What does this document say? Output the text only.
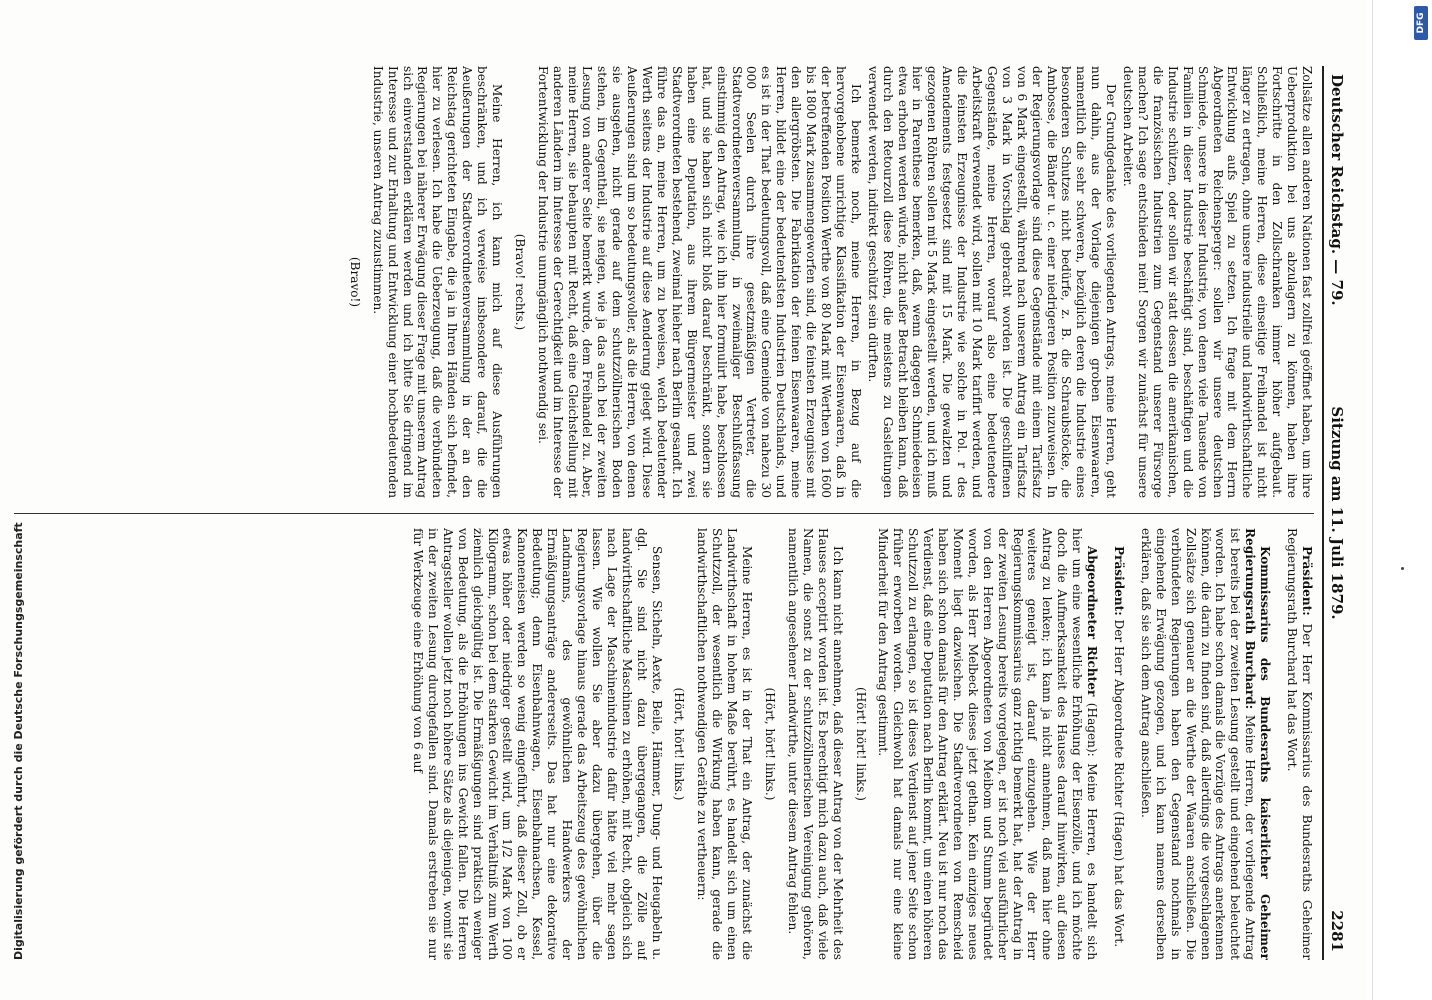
Deutscher Reichstag. — 79.
Sitzung am 11. Juli 1879.
2281

Zollsätze allen anderen Nationen fast zollfrei geöffnet haben, um ihre Ueberproduktion bei uns abzulagern zu können, haben ihre Fortschritte in den Zollschranken immer höher aufgebaut. Schließlich, meine Herren, diese einseitige Freihandel ist nicht länger zu ertragen, ohne unsere industrielle und landwirthschaftliche Entwicklung aufs Spiel zu setzen. Ich frage mit dem Herrn Abgeordneten Reichensperger: sollen wir unsere deutschen Schmiede, unsere in dieser Industrie, von denen viele Tausende von Familien in dieser Industrie beschäftigt sind, beschäftigen und die Industrie schützen, oder sollen wir statt dessen die amerikanischen, die französischen Industrien zum Gegenstand unserer Fürsorge machen? Ich sage entschieden nein! Sorgen wir zunächst für unsere deutschen Arbeiter.

Der Grundgedanke des vorliegenden Antrags, meine Herren, geht nun dahin, aus der Vorlage diejenigen groben Eisenwaaren, namentlich die sehr schweren, bezüglich deren die Industrie eines besonderen Schutzes nicht bedürfe, z. B. die Schraubstöcke, die Ambosse, die Bänder u. c. einer niedrigeren Position zuzuweisen. In der Regierungsvorlage sind diese Gegenstände mit einem Tarifsatz von 6 Mark eingestellt, während nach unserem Antrag ein Tarifsatz von 3 Mark in Vorschlag gebracht worden ist. Die geschliffenen Gegenstände, meine Herren, worauf also eine bedeutendere Arbeitskraft verwendet wird, sollen mit 10 Mark tarifirt werden, und die feinsten Erzeugnisse der Industrie wie solche in Pol. r des Amendements festgesetzt sind mit 15 Mark. Die gewalzten und gezogenen Röhren sollen mit 5 Mark eingestellt werden, und ich muß hier in Parenthese bemerken, daß, wenn dagegen Schmiedeeisen etwa erhoben werden würde, nicht außer Betracht bleiben kann, daß durch den Retourzoll diese Röhren, die meistens zu Gasleitungen verwendet werden, indirekt geschützt sein dürften.

Ich bemerke noch, meine Herren, in Bezug auf die hervorgehobene unrichtige Klassifikation der Eisenwaaren, daß in der betreffenden Position Werthe von 80 Mark mit Werthen von 1600 bis 1800 Mark zusammengeworfen sind, die feinsten Erzeugnisse mit den allergröbsten. Die Fabrikation der feinen Eisenwaaren, meine Herren, bildet eine der bedeutendsten Industrien Deutschlands, und es ist in der That bedeutungsvoll, daß eine Gemeinde von nahezu 30 000 Seelen durch ihre gesetzmäßigen Vertreter, die Stadtverordnetenversammlung, in zweimaliger Beschlußfassung einstimmig den Antrag, wie ich ihn hier formulirt habe, beschlossen hat, und sie haben sich nicht bloß darauf beschränkt, sondern sie haben eine Deputation, aus ihrem Bürgermeister und zwei Stadtverordneten bestehend, zweimal hieher nach Berlin gesandt. Ich führe das an, meine Herren, um zu beweisen, welch bedeutender Werth seitens der Industrie auf diese Aenderung gelegt wird. Diese Aeußerungen sind um so bedeutungsvoller, als die Herren, von denen sie ausgehen, nicht gerade auf dem schutzzöllnerischen Boden stehen, im Gegentheil, sie neigen, wie ja das auch bei der zweiten Lesung von anderer Seite bemerkt wurde, dem Freihandel zu. Aber, meine Herren, sie behaupten mit Recht, daß eine Gleichstellung mit anderen Ländern im Interesse der Gerechtigkeit und im Interesse der Fortentwicklung der Industrie unumgänglich nothwendig sei.

(Bravo! rechts.)

Meine Herren, ich kann mich auf diese Ausführungen beschränken, und ich verweise insbesondere darauf, die die Aeußerungen der Stadtverordnetenversammlung in der an den Reichstag gerichteten Eingabe, die ja in Ihren Händen sich befindet, hier zu verlesen. Ich habe die Ueberzeugung, daß die verbündeten Regierungen bei näherer Erwägung dieser Frage mit unserem Antrag sich einverstanden erklären werden und ich bitte Sie dringend im Interesse und zur Erhaltung und Entwicklung einer hochbedeutenden Industrie, unseren Antrag zuzustimmen.

(Bravo!)

Präsident: Der Herr Kommissarius des Bundesraths Geheimer Regierungsrath Burchard hat das Wort.

Kommissarius des Bundesraths kaiserlicher Geheimer Regierungsrath Burchard: Meine Herren, der vorliegende Antrag ist bereits bei der zweiten Lesung gestellt und eingehend beleuchtet worden. Ich habe schon damals die Vorzüge des Antrags anerkennen können, die darin zu finden sind, daß allerdings die vorgeschlagenen Zollsätze sich genauer an die Werthe der Waaren anschließen. Die verbündeten Regierungen haben den Gegenstand nochmals in eingehende Erwägung gezogen, und ich kann namens derselben erklären, daß sie sich dem Antrag anschließen.

Präsident: Der Herr Abgeordnete Richter (Hagen) hat das Wort.

Abgeordneter Richter (Hagen): Meine Herren, es handelt sich hier um eine wesentliche Erhöhung der Eisenzölle, und ich möchte doch die Aufmerksamkeit des Hauses darauf hinwirken, auf diesen Antrag zu lenken; ich kann ja nicht annehmen, daß man hier ohne weiteres geneigt ist, darauf einzugehen. Wie der Herr Regierungskommissarius ganz richtig bemerkt hat, hat der Antrag in der zweiten Lesung bereits vorgelegen, er ist noch viel ausführlicher von den Herren Abgeordneten von Meibom und Stumm begründet worden, als Herr Melbeck dieses jetzt gethan. Kein einziges neues Moment liegt dazwischen. Die Stadtverordneten von Remscheid haben sich schon damals für den Antrag erklärt. Neu ist nur noch das Verdienst, daß eine Deputation nach Berlin kommt, um einen höheren Schutzzoll zu erlangen, so ist dieses Verdienst auf jener Seite schon früher erworben worden. Gleichwohl hat damals nur eine kleine Minderheit für den Antrag gestimmt.

(Hört! hört! links.)

Ich kann nicht annehmen, daß dieser Antrag von der Mehrheit des Hauses acceptirt worden ist. Es berechtigt mich dazu auch, daß viele Namen, die sonst zu der schutzzöllnerischen Vereinigung gehören, namentlich angesehener Landwirthe, unter diesem Antrag fehlen.

(Hört, hört! links.)

Meine Herren, es ist in der That ein Antrag, der zunächst die Landwirthschaft in hohem Maße berührt, es handelt sich um einen Schutzzoll, der wesentlich die Wirkung haben kann, gerade die landwirthschaftlichen nothwendigen Geräthe zu vertheuern:

(Hört, hört! links.)

Sensen, Sicheln, Aexte, Beile, Hämmer, Dung- und Heugabeln u. dgl. Sie sind nicht dazu übergegangen, die Zölle auf landwirthschaftliche Maschinen zu erhöhen, mit Recht, obgleich sich nach Lage der Maschinenindustrie dafür hätte viel mehr sagen lassen. Wie wollen Sie aber dazu übergehen, über die Regierungsvorlage hinaus gerade das Arbeitszeug des gewöhnlichen Landmanns, des gewöhnlichen Handwerkers der Ermäßigungsanträge andererseits. Das hat nur eine dekorative Bedeutung; denn Eisenbahnwagen, Eisenbahnachsen, Kessel, Kanoneneisen werden so wenig eingeführt, daß dieser Zoll, ob er etwas höher oder niedriger gestellt wird, um 1/2 Mark von 100 Kilogramm, schon bei dem starken Gewicht im Verhältniß zum Werth ziemlich gleichgültig ist. Die Ermäßigungen sind praktisch weniger von Bedeutung, als die Erhöhungen ins Gewicht fallen. Die Herren Antragsteller wollen jetzt noch höhere Sätze als diejenigen, womit sie in der zweiten Lesung durchgefallen sind. Damals erstreben sie nur für Werkzeuge eine Erhöhung von 6 auf

Digitalisierung gefördert durch die Deutsche Forschungsgemeinschaft
DFG
